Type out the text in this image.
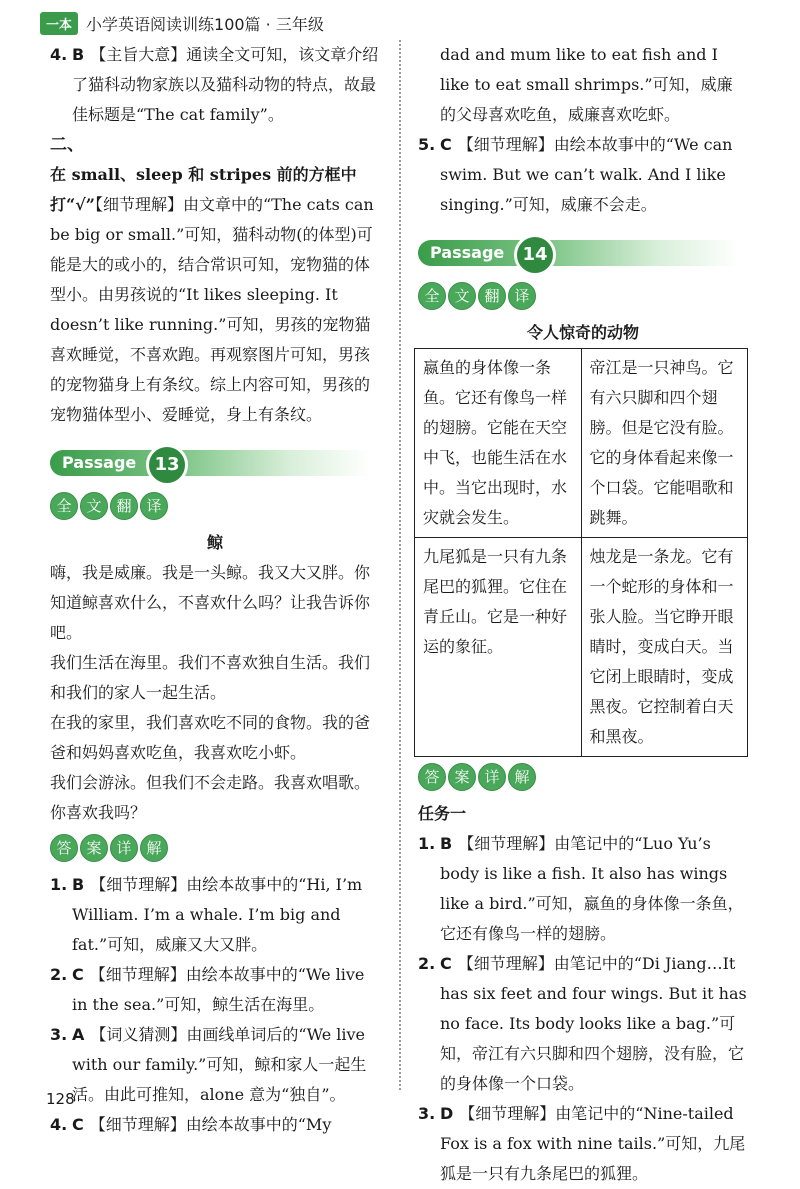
一本 小学英语阅读训练100篇 · 三年级
4. B 【主旨大意】通读全文可知，该文章介绍了猫科动物家族以及猫科动物的特点，故最佳标题是“The cat family”。
二、

在 small、sleep 和 stripes 前的方框中打“√”【细节理解】由文章中的“The cats can be big or small.”可知，猫科动物(的体型)可能是大的或小的，结合常识可知，宠物猫的体型小。由男孩说的“It likes sleeping. It doesn’t like running.”可知，男孩的宠物猫喜欢睡觉，不喜欢跑。再观察图片可知，男孩的宠物猫身上有条纹。综上内容可知，男孩的宠物猫体型小、爱睡觉，身上有条纹。

Passage	13
全 文 翻 译
鲸

嗨，我是威廉。我是一头鲸。我又大又胖。你知道鲸喜欢什么，不喜欢什么吗？让我告诉你吧。

我们生活在海里。我们不喜欢独自生活。我们和我们的家人一起生活。

在我的家里，我们喜欢吃不同的食物。我的爸爸和妈妈喜欢吃鱼，我喜欢吃小虾。

我们会游泳。但我们不会走路。我喜欢唱歌。你喜欢我吗？

答 案 详 解
1. B 【细节理解】由绘本故事中的“Hi, I’m William. I’m a whale. I’m big and fat.”可知，威廉又大又胖。
2. C 【细节理解】由绘本故事中的“We live in the sea.”可知，鲸生活在海里。
3. A 【词义猜测】由画线单词后的“We live with our family.”可知，鲸和家人一起生活。由此可推知，alone 意为“独自”。
4. C 【细节理解】由绘本故事中的“My

dad and mum like to eat fish and I like to eat small shrimps.”可知，威廉的父母喜欢吃鱼，威廉喜欢吃虾。

5. C 【细节理解】由绘本故事中的“We can swim. But we can’t walk. And I like singing.”可知，威廉不会走。
Passage	14
全 文 翻 译
令人惊奇的动物
嬴鱼的身体像一条鱼。它还有像鸟一样的翅膀。它能在天空中飞，也能生活在水中。当它出现时，水灾就会发生。	帝江是一只神鸟。它有六只脚和四个翅膀。但是它没有脸。它的身体看起来像一个口袋。它能唱歌和跳舞。
九尾狐是一只有九条尾巴的狐狸。它住在青丘山。它是一种好运的象征。	烛龙是一条龙。它有一个蛇形的身体和一张人脸。当它睁开眼睛时，变成白天。当它闭上眼睛时，变成黑夜。它控制着白天和黑夜。
答 案 详 解
任务一
1. B 【细节理解】由笔记中的“Luo Yu’s body is like a fish. It also has wings like a bird.”可知，嬴鱼的身体像一条鱼，它还有像鸟一样的翅膀。
2. C 【细节理解】由笔记中的“Di Jiang…It has six feet and four wings. But it has no face. Its body looks like a bag.”可知，帝江有六只脚和四个翅膀，没有脸，它的身体像一个口袋。
3. D 【细节理解】由笔记中的“Nine-tailed Fox is a fox with nine tails.”可知，九尾狐是一只有九条尾巴的狐狸。
128
